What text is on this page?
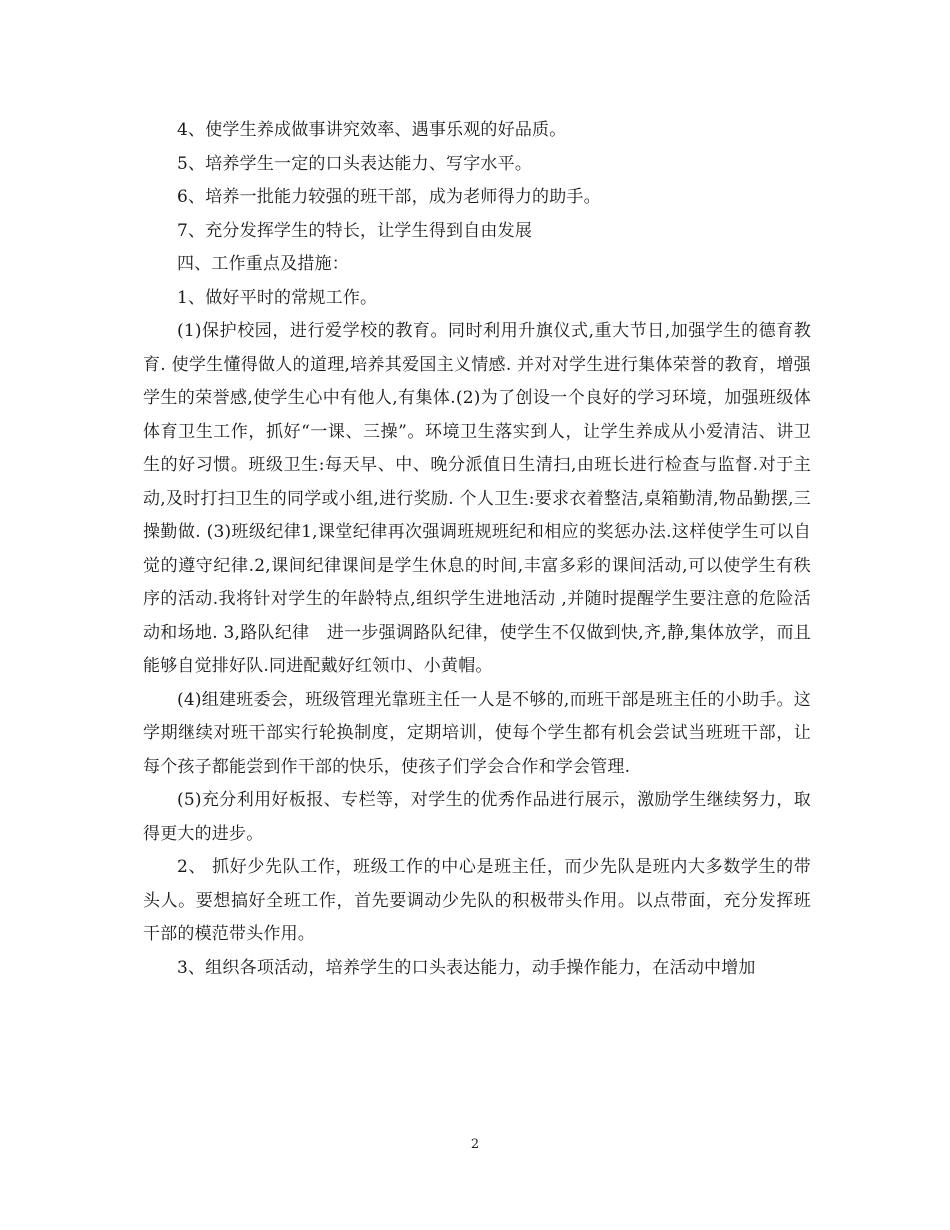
4、使学生养成做事讲究效率、遇事乐观的好品质。

5、培养学生一定的口头表达能力、写字水平。

6、培养一批能力较强的班干部，成为老师得力的助手。

7、充分发挥学生的特长，让学生得到自由发展

四、工作重点及措施：

1、做好平时的常规工作。

(1)保护校园，进行爱学校的教育。同时利用升旗仪式,重大节日,加强学生的德育教育. 使学生懂得做人的道理,培养其爱国主义情感. 并对对学生进行集体荣誉的教育，增强学生的荣誉感,使学生心中有他人,有集体.(2)为了创设一个良好的学习环境，加强班级体体育卫生工作，抓好“一课、三操”。环境卫生落实到人，让学生养成从小爱清洁、讲卫生的好习惯。班级卫生:每天早、中、晚分派值日生清扫,由班长进行检查与监督.对于主动,及时打扫卫生的同学或小组,进行奖励. 个人卫生:要求衣着整洁,桌箱勤清,物品勤摆,三操勤做. (3)班级纪律1,课堂纪律再次强调班规班纪和相应的奖惩办法.这样使学生可以自觉的遵守纪律.2,课间纪律课间是学生休息的时间,丰富多彩的课间活动,可以使学生有秩序的活动.我将针对学生的年龄特点,组织学生进地活动 ,并随时提醒学生要注意的危险活动和场地. 3,路队纪律　进一步强调路队纪律，使学生不仅做到快,齐,静,集体放学，而且能够自觉排好队.同进配戴好红领巾、小黄帽。

(4)组建班委会，班级管理光靠班主任一人是不够的,而班干部是班主任的小助手。这学期继续对班干部实行轮换制度，定期培训，使每个学生都有机会尝试当班班干部，让每个孩子都能尝到作干部的快乐，使孩子们学会合作和学会管理.

(5)充分利用好板报、专栏等，对学生的优秀作品进行展示，激励学生继续努力，取得更大的进步。

2、 抓好少先队工作，班级工作的中心是班主任，而少先队是班内大多数学生的带头人。要想搞好全班工作，首先要调动少先队的积极带头作用。以点带面，充分发挥班干部的模范带头作用。

3、组织各项活动，培养学生的口头表达能力，动手操作能力，在活动中增加

2
